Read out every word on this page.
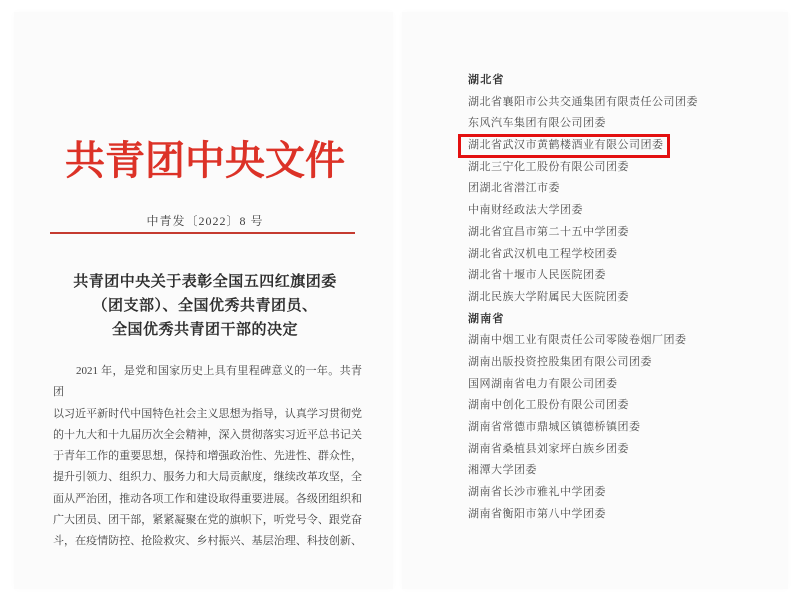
共青团中央文件
中青发〔2022〕8 号
共青团中央关于表彰全国五四红旗团委
（团支部）、全国优秀共青团员、
全国优秀共青团干部的决定
2021 年，是党和国家历史上具有里程碑意义的一年。共青团
以习近平新时代中国特色社会主义思想为指导，认真学习贯彻党
的十九大和十九届历次全会精神，深入贯彻落实习近平总书记关
于青年工作的重要思想，保持和增强政治性、先进性、群众性，
提升引领力、组织力、服务力和大局贡献度，继续改革攻坚，全
面从严治团，推动各项工作和建设取得重要进展。各级团组织和
广大团员、团干部，紧紧凝聚在党的旗帜下，听党号令、跟党奋
斗，在疫情防控、抢险救灾、乡村振兴、基层治理、科技创新、
湖北省
湖北省襄阳市公共交通集团有限责任公司团委
东风汽车集团有限公司团委
湖北省武汉市黄鹤楼酒业有限公司团委
湖北三宁化工股份有限公司团委
团湖北省潜江市委
中南财经政法大学团委
湖北省宜昌市第二十五中学团委
湖北省武汉机电工程学校团委
湖北省十堰市人民医院团委
湖北民族大学附属民大医院团委
湖南省
湖南中烟工业有限责任公司零陵卷烟厂团委
湖南出版投资控股集团有限公司团委
国网湖南省电力有限公司团委
湖南中创化工股份有限公司团委
湖南省常德市鼎城区镇德桥镇团委
湖南省桑植县刘家坪白族乡团委
湘潭大学团委
湖南省长沙市雅礼中学团委
湖南省衡阳市第八中学团委
